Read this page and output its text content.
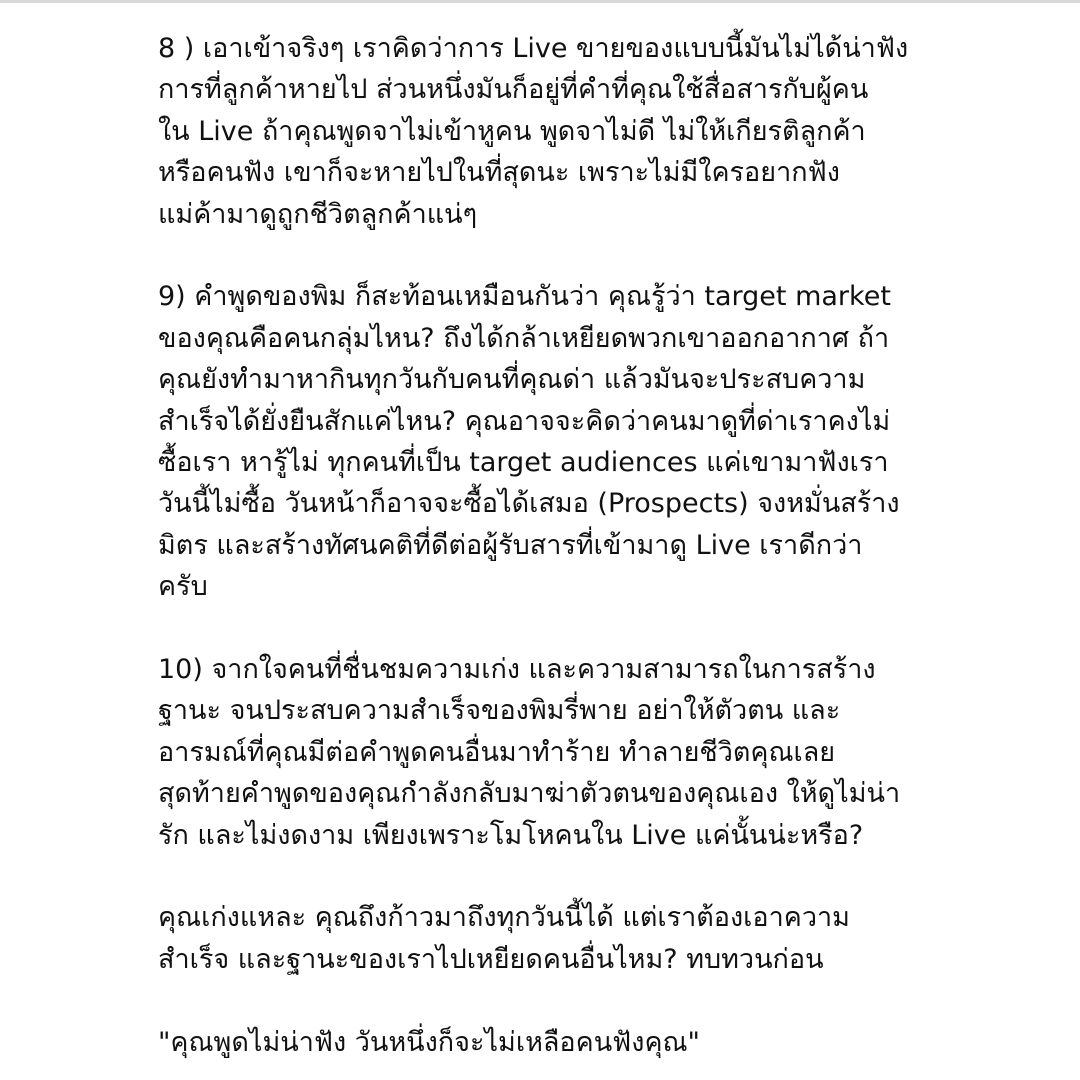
8 ) เอาเข้าจริงๆ เราคิดว่าการ Live ขายของแบบนี้มันไม่ได้น่าฟัง
การที่ลูกค้าหายไป ส่วนหนึ่งมันก็อยู่ที่คำที่คุณใช้สื่อสารกับผู้คน
ใน Live ถ้าคุณพูดจาไม่เข้าหูคน พูดจาไม่ดี ไม่ให้เกียรติลูกค้า
หรือคนฟัง เขาก็จะหายไปในที่สุดนะ เพราะไม่มีใครอยากฟัง
แม่ค้ามาดูถูกชีวิตลูกค้าแน่ๆ

9) คำพูดของพิม ก็สะท้อนเหมือนกันว่า คุณรู้ว่า target market
ของคุณคือคนกลุ่มไหน? ถึงได้กล้าเหยียดพวกเขาออกอากาศ ถ้า
คุณยังทำมาหากินทุกวันกับคนที่คุณด่า แล้วมันจะประสบความ
สำเร็จได้ยั่งยืนสักแค่ไหน? คุณอาจจะคิดว่าคนมาดูที่ด่าเราคงไม่
ซื้อเรา หารู้ไม่ ทุกคนที่เป็น target audiences แค่เขามาฟังเรา
วันนี้ไม่ซื้อ วันหน้าก็อาจจะซื้อได้เสมอ (Prospects) จงหมั่นสร้าง
มิตร และสร้างทัศนคติที่ดีต่อผู้รับสารที่เข้ามาดู Live เราดีกว่า
ครับ

10) จากใจคนที่ชื่นชมความเก่ง และความสามารถในการสร้าง
ฐานะ จนประสบความสำเร็จของพิมรี่พาย อย่าให้ตัวตน และ
อารมณ์ที่คุณมีต่อคำพูดคนอื่นมาทำร้าย ทำลายชีวิตคุณเลย
สุดท้ายคำพูดของคุณกำลังกลับมาฆ่าตัวตนของคุณเอง ให้ดูไม่น่า
รัก และไม่งดงาม เพียงเพราะโมโหคนใน Live แค่นั้นน่ะหรือ?

คุณเก่งแหละ คุณถึงก้าวมาถึงทุกวันนี้ได้ แต่เราต้องเอาความ
สำเร็จ และฐานะของเราไปเหยียดคนอื่นไหม? ทบทวนก่อน

"คุณพูดไม่น่าฟัง วันหนึ่งก็จะไม่เหลือคนฟังคุณ"
